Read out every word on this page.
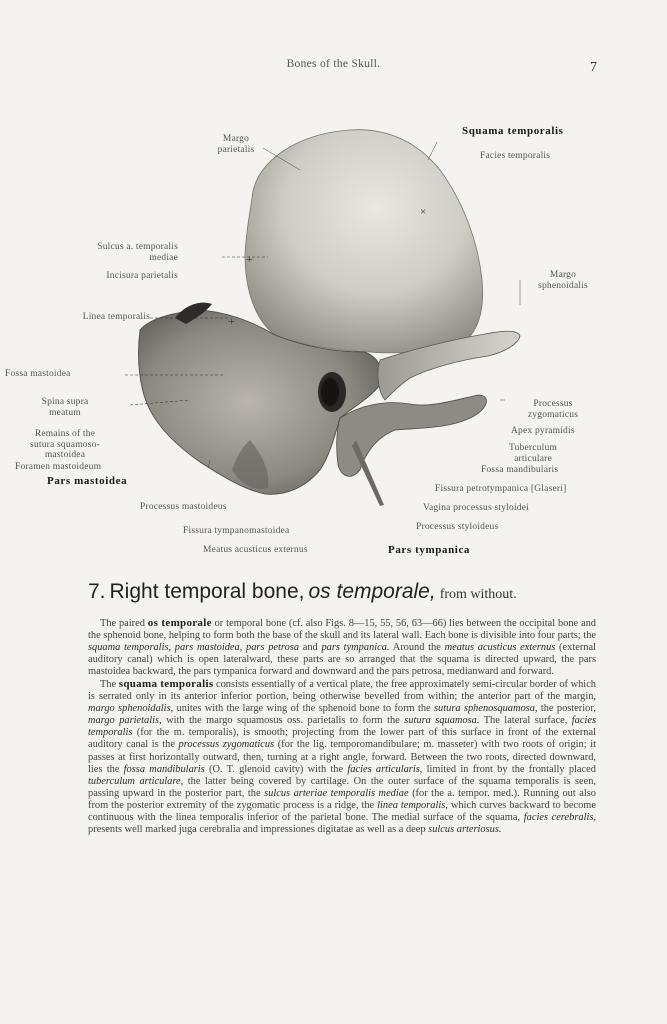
Bones of the Skull.	7
+
+
×
Squama temporalis
Facies temporalis
Margo
parietalis
Sulcus a. temporalis
mediae
Incisura parietalis	Margo
sphenoidalis
Linea temporalis
Fossa mastoidea
Spina supra
meatum
Remains of the
sutura squamoso-
mastoidea
Foramen mastoideum
Pars mastoidea
Processus mastoideus
Fissura tympanomastoidea
Meatus acusticus externus
Processus
zygomaticus
Apex pyramidis
Tuberculum
articulare
Fossa mandibularis
Fissura petrotympanica [Glaseri]
Vagina processus styloidei
Processus styloideus
Pars tympanica
7. Right temporal bone, os temporale, from without.

The paired os temporale or temporal bone (cf. also Figs. 8—15, 55, 56, 63—66) lies between the occipital bone and the sphenoid bone, helping to form both the base of the skull and its lateral wall. Each bone is divisible into four parts; the squama temporalis, pars mastoidea, pars petrosa and pars tympanica. Around the meatus acusticus externus (external auditory canal) which is open lateralward, these parts are so arranged that the squama is directed upward, the pars mastoidea backward, the pars tympanica forward and downward and the pars petrosa, medianward and forward.

The squama temporalis consists essentially of a vertical plate, the free approximately semi-circular border of which is serrated only in its anterior inferior portion, being otherwise bevelled from within; the anterior part of the margin, margo sphenoidalis, unites with the large wing of the sphenoid bone to form the sutura sphenosquamosa, the posterior, margo parietalis, with the margo squamosus oss. parietalis to form the sutura squamosa. The lateral surface, facies temporalis (for the m. temporalis), is smooth; projecting from the lower part of this surface in front of the external auditory canal is the processus zygomaticus (for the lig. temporomandibulare; m. masseter) with two roots of origin; it passes at first horizontally outward, then, turning at a right angle, forward. Between the two roots, directed downward, lies the fossa mandibularis (O. T. glenoid cavity) with the facies articularis, limited in front by the frontally placed tuberculum articulare, the latter being covered by cartilage. On the outer surface of the squama temporalis is seen, passing upward in the posterior part, the sulcus arteriae temporalis mediae (for the a. tempor. med.). Running out also from the posterior extremity of the zygomatic process is a ridge, the linea temporalis, which curves backward to become continuous with the linea temporalis inferior of the parietal bone. The medial surface of the squama, facies cerebralis, presents well marked juga cerebralia and impressiones digitatae as well as a deep sulcus arteriosus.
